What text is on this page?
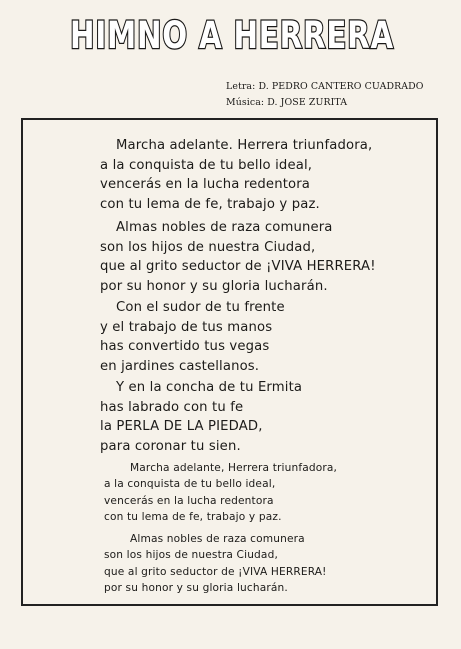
HIMNO A HERRERA
Letra: D. PEDRO CANTERO CUADRADO
Música: D. JOSE ZURITA

Marcha adelante. Herrera triunfadora,
a la conquista de tu bello ideal,
vencerás en la lucha redentora
con tu lema de fe, trabajo y paz.

Almas nobles de raza comunera
son los hijos de nuestra Ciudad,
que al grito seductor de ¡VIVA HERRERA!
por su honor y su gloria lucharán.

Con el sudor de tu frente
y el trabajo de tus manos
has convertido tus vegas
en jardines castellanos.

Y en la concha de tu Ermita
has labrado con tu fe
la PERLA DE LA PIEDAD,
para coronar tu sien.

Marcha adelante, Herrera triunfadora,
a la conquista de tu bello ideal,
vencerás en la lucha redentora
con tu lema de fe, trabajo y paz.

Almas nobles de raza comunera
son los hijos de nuestra Ciudad,
que al grito seductor de ¡VIVA HERRERA!
por su honor y su gloria lucharán.
